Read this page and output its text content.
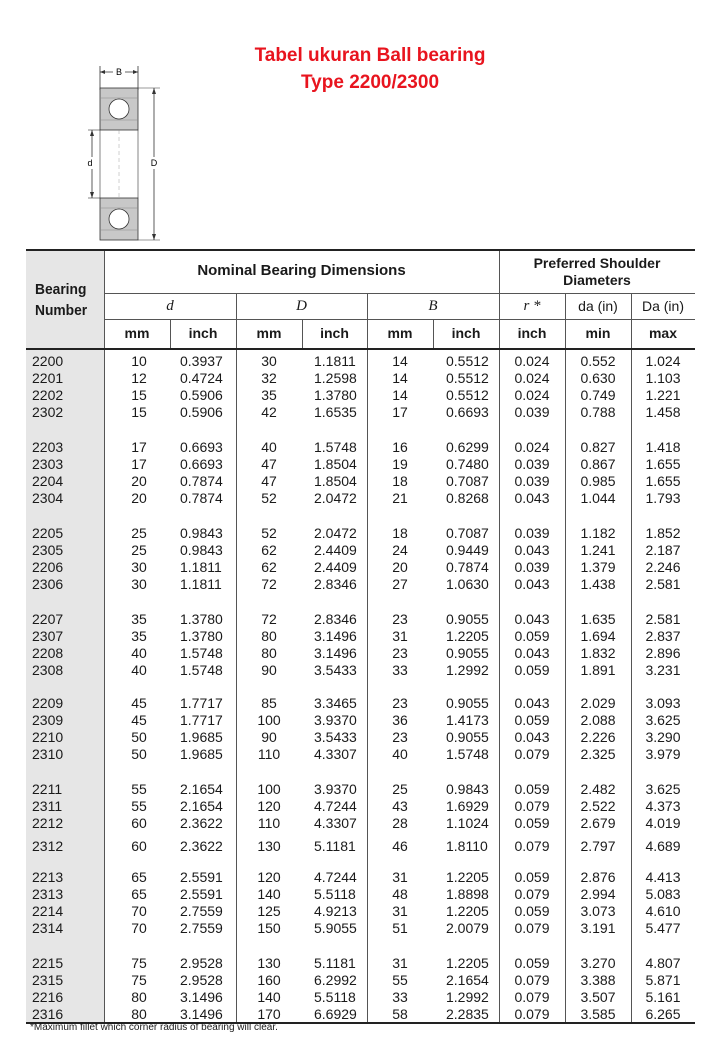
Tabel ukuran Ball bearing
Type 2200/2300
B
d	D
Bearing
Number
Nominal Bearing Dimensions	Preferred Shoulder
Diameters
d	D	B	r *	da (in)	Da (in)
mm	inch	mm	inch	mm	inch	inch	min	max
2200	10	0.3937	30	1.1811	14	0.5512	0.024	0.552	1.024
2201	12	0.4724	32	1.2598	14	0.5512	0.024	0.630	1.103
2202	15	0.5906	35	1.3780	14	0.5512	0.024	0.749	1.221
2302	15	0.5906	42	1.6535	17	0.6693	0.039	0.788	1.458
2203	17	0.6693	40	1.5748	16	0.6299	0.024	0.827	1.418
2303	17	0.6693	47	1.8504	19	0.7480	0.039	0.867	1.655
2204	20	0.7874	47	1.8504	18	0.7087	0.039	0.985	1.655
2304	20	0.7874	52	2.0472	21	0.8268	0.043	1.044	1.793
2205	25	0.9843	52	2.0472	18	0.7087	0.039	1.182	1.852
2305	25	0.9843	62	2.4409	24	0.9449	0.043	1.241	2.187
2206	30	1.1811	62	2.4409	20	0.7874	0.039	1.379	2.246
2306	30	1.1811	72	2.8346	27	1.0630	0.043	1.438	2.581
2207	35	1.3780	72	2.8346	23	0.9055	0.043	1.635	2.581
2307	35	1.3780	80	3.1496	31	1.2205	0.059	1.694	2.837
2208	40	1.5748	80	3.1496	23	0.9055	0.043	1.832	2.896
2308	40	1.5748	90	3.5433	33	1.2992	0.059	1.891	3.231
2209	45	1.7717	85	3.3465	23	0.9055	0.043	2.029	3.093
2309	45	1.7717	100	3.9370	36	1.4173	0.059	2.088	3.625
2210	50	1.9685	90	3.5433	23	0.9055	0.043	2.226	3.290
2310	50	1.9685	110	4.3307	40	1.5748	0.079	2.325	3.979
2211	55	2.1654	100	3.9370	25	0.9843	0.059	2.482	3.625
2311	55	2.1654	120	4.7244	43	1.6929	0.079	2.522	4.373
2212	60	2.3622	110	4.3307	28	1.1024	0.059	2.679	4.019
2312	60	2.3622	130	5.1181	46	1.8110	0.079	2.797	4.689
2213	65	2.5591	120	4.7244	31	1.2205	0.059	2.876	4.413
2313	65	2.5591	140	5.5118	48	1.8898	0.079	2.994	5.083
2214	70	2.7559	125	4.9213	31	1.2205	0.059	3.073	4.610
2314	70	2.7559	150	5.9055	51	2.0079	0.079	3.191	5.477
2215	75	2.9528	130	5.1181	31	1.2205	0.059	3.270	4.807
2315	75	2.9528	160	6.2992	55	2.1654	0.079	3.388	5.871
2216	80	3.1496	140	5.5118	33	1.2992	0.079	3.507	5.161
2316	80	3.1496	170	6.6929	58	2.2835	0.079	3.585	6.265
*Maximum fillet which corner radius of bearing will clear.
